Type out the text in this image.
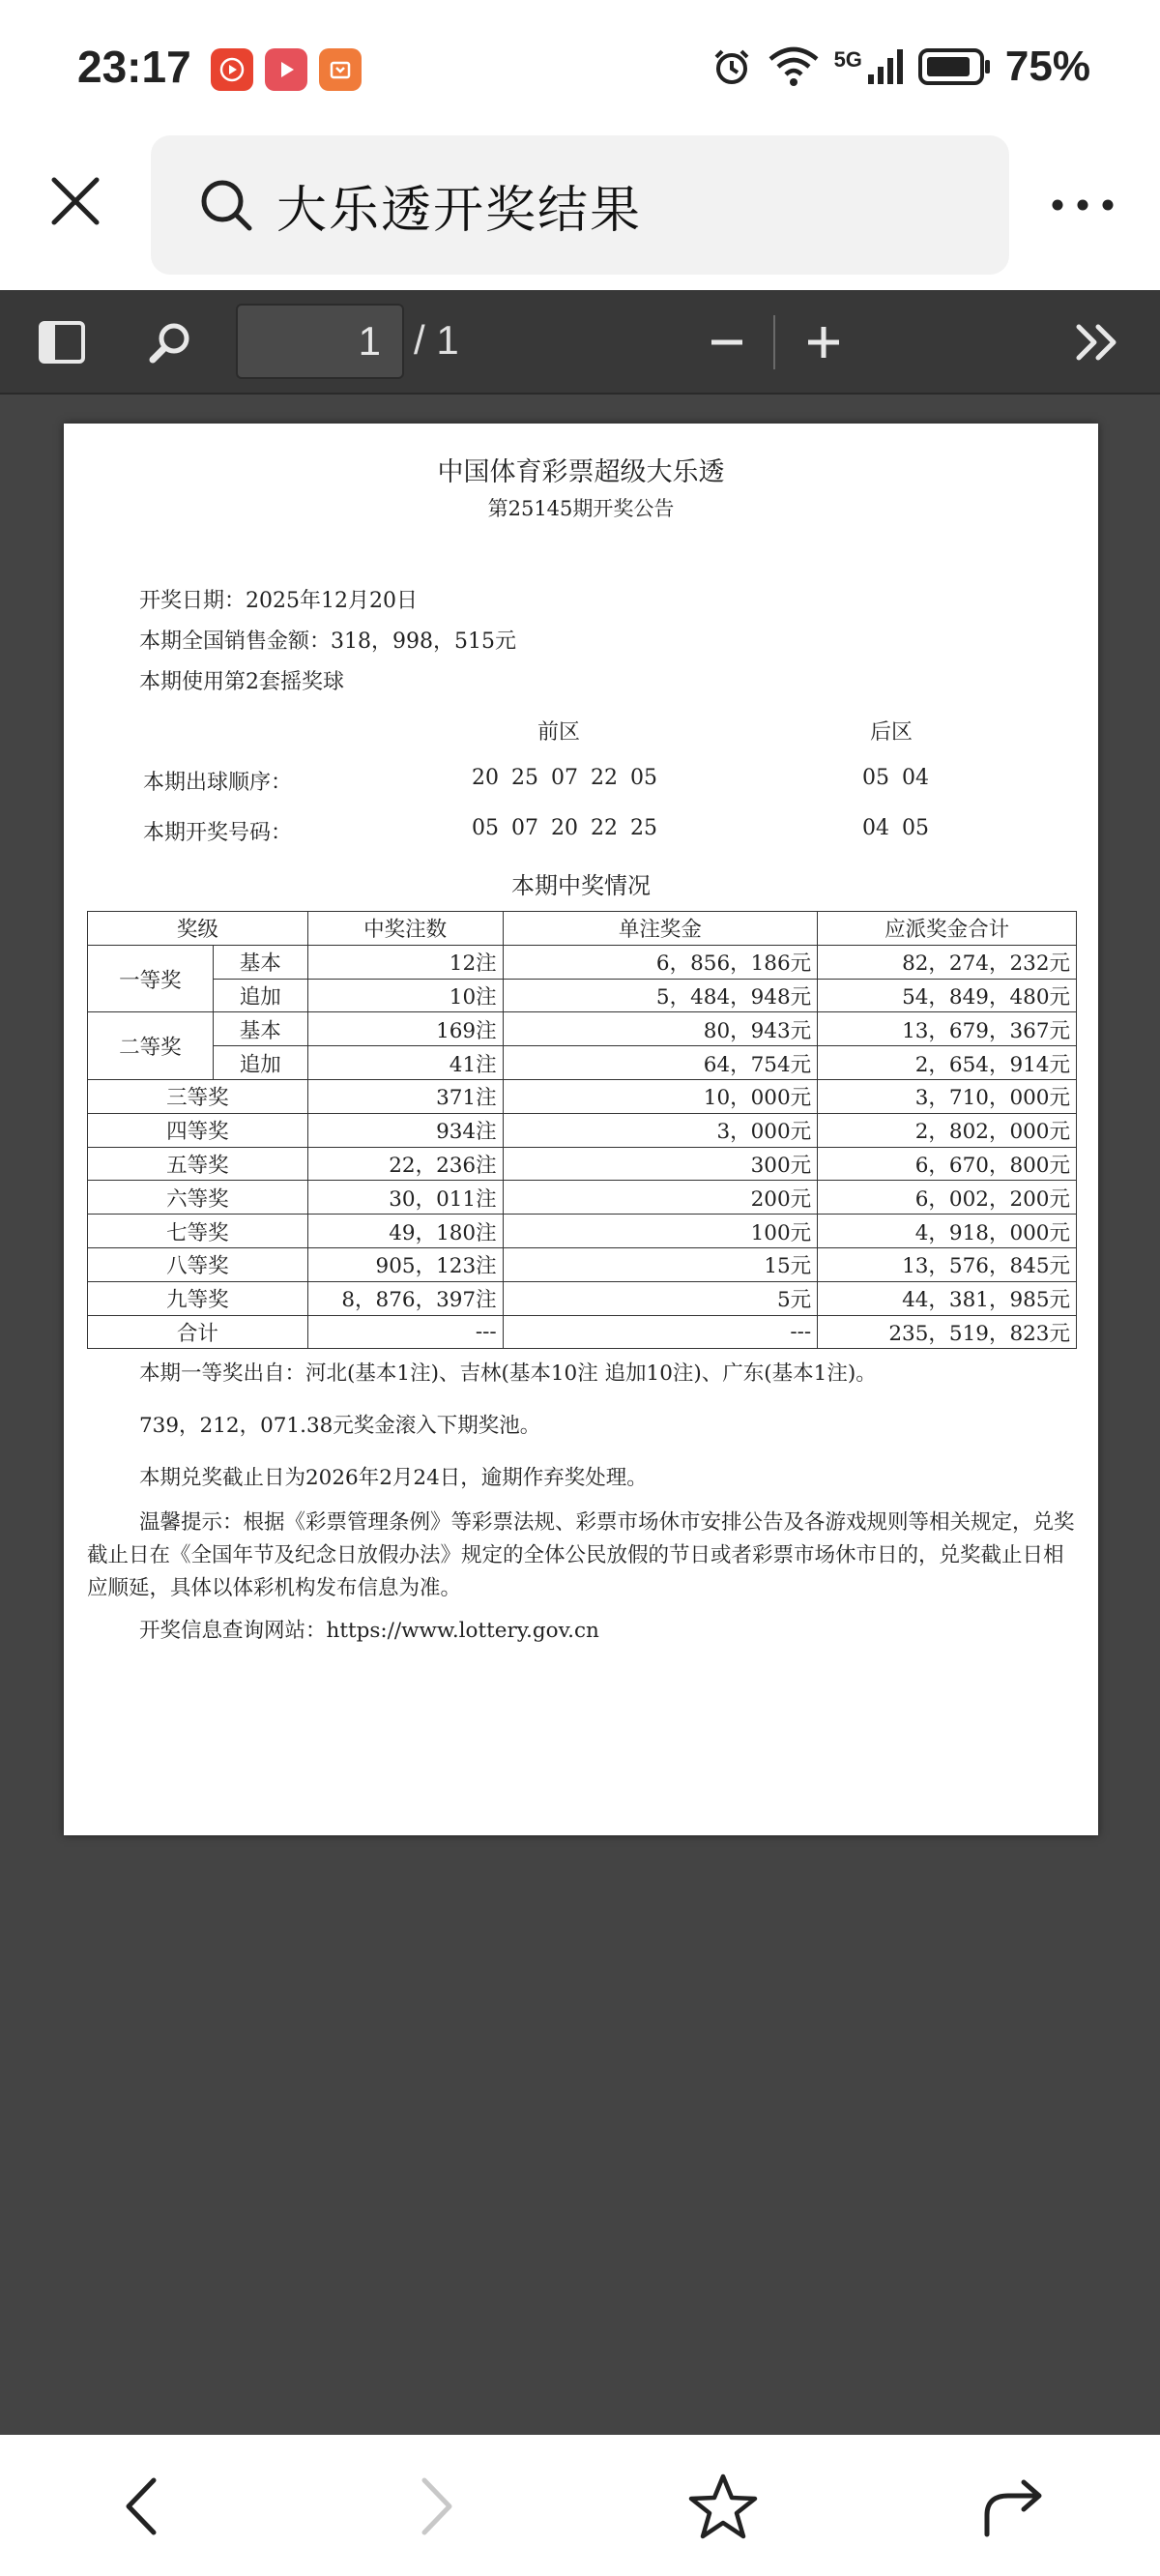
23:17	5G	75%
大乐透开奖结果
1 / 1
中国体育彩票超级大乐透
第25145期开奖公告
开奖日期：2025年12月20日
本期全国销售金额：318，998，515元
本期使用第2套摇奖球
前区	后区
本期出球顺序：	20 25 07 22 05	05 04
本期开奖号码：	05 07 20 22 25	04 05
本期中奖情况
奖级		中奖注数	单注奖金	应派奖金合计
一等奖	基本	12注	6，856，186元	82，274，232元
	追加	10注	5，484，948元	54，849，480元
二等奖	基本	169注	80，943元	13，679，367元
	追加	41注	64，754元	2，654，914元
三等奖		371注	10，000元	3，710，000元
四等奖		934注	3，000元	2，802，000元
五等奖		22，236注	300元	6，670，800元
六等奖		30，011注	200元	6，002，200元
七等奖		49，180注	100元	4，918，000元
八等奖		905，123注	15元	13，576，845元
九等奖		8，876，397注	5元	44，381，985元
合计		---	---	235，519，823元
本期一等奖出自：河北(基本1注)、吉林(基本10注 追加10注)、广东(基本1注)。
739，212，071.38元奖金滚入下期奖池。
本期兑奖截止日为2026年2月24日，逾期作弃奖处理。
温馨提示：根据《彩票管理条例》等彩票法规、彩票市场休市安排公告及各游戏规则等相关规定，兑奖截止日在《全国年节及纪念日放假办法》规定的全体公民放假的节日或者彩票市场休市日的，兑奖截止日相应顺延，具体以体彩机构发布信息为准。
开奖信息查询网站：https://www.lottery.gov.cn
